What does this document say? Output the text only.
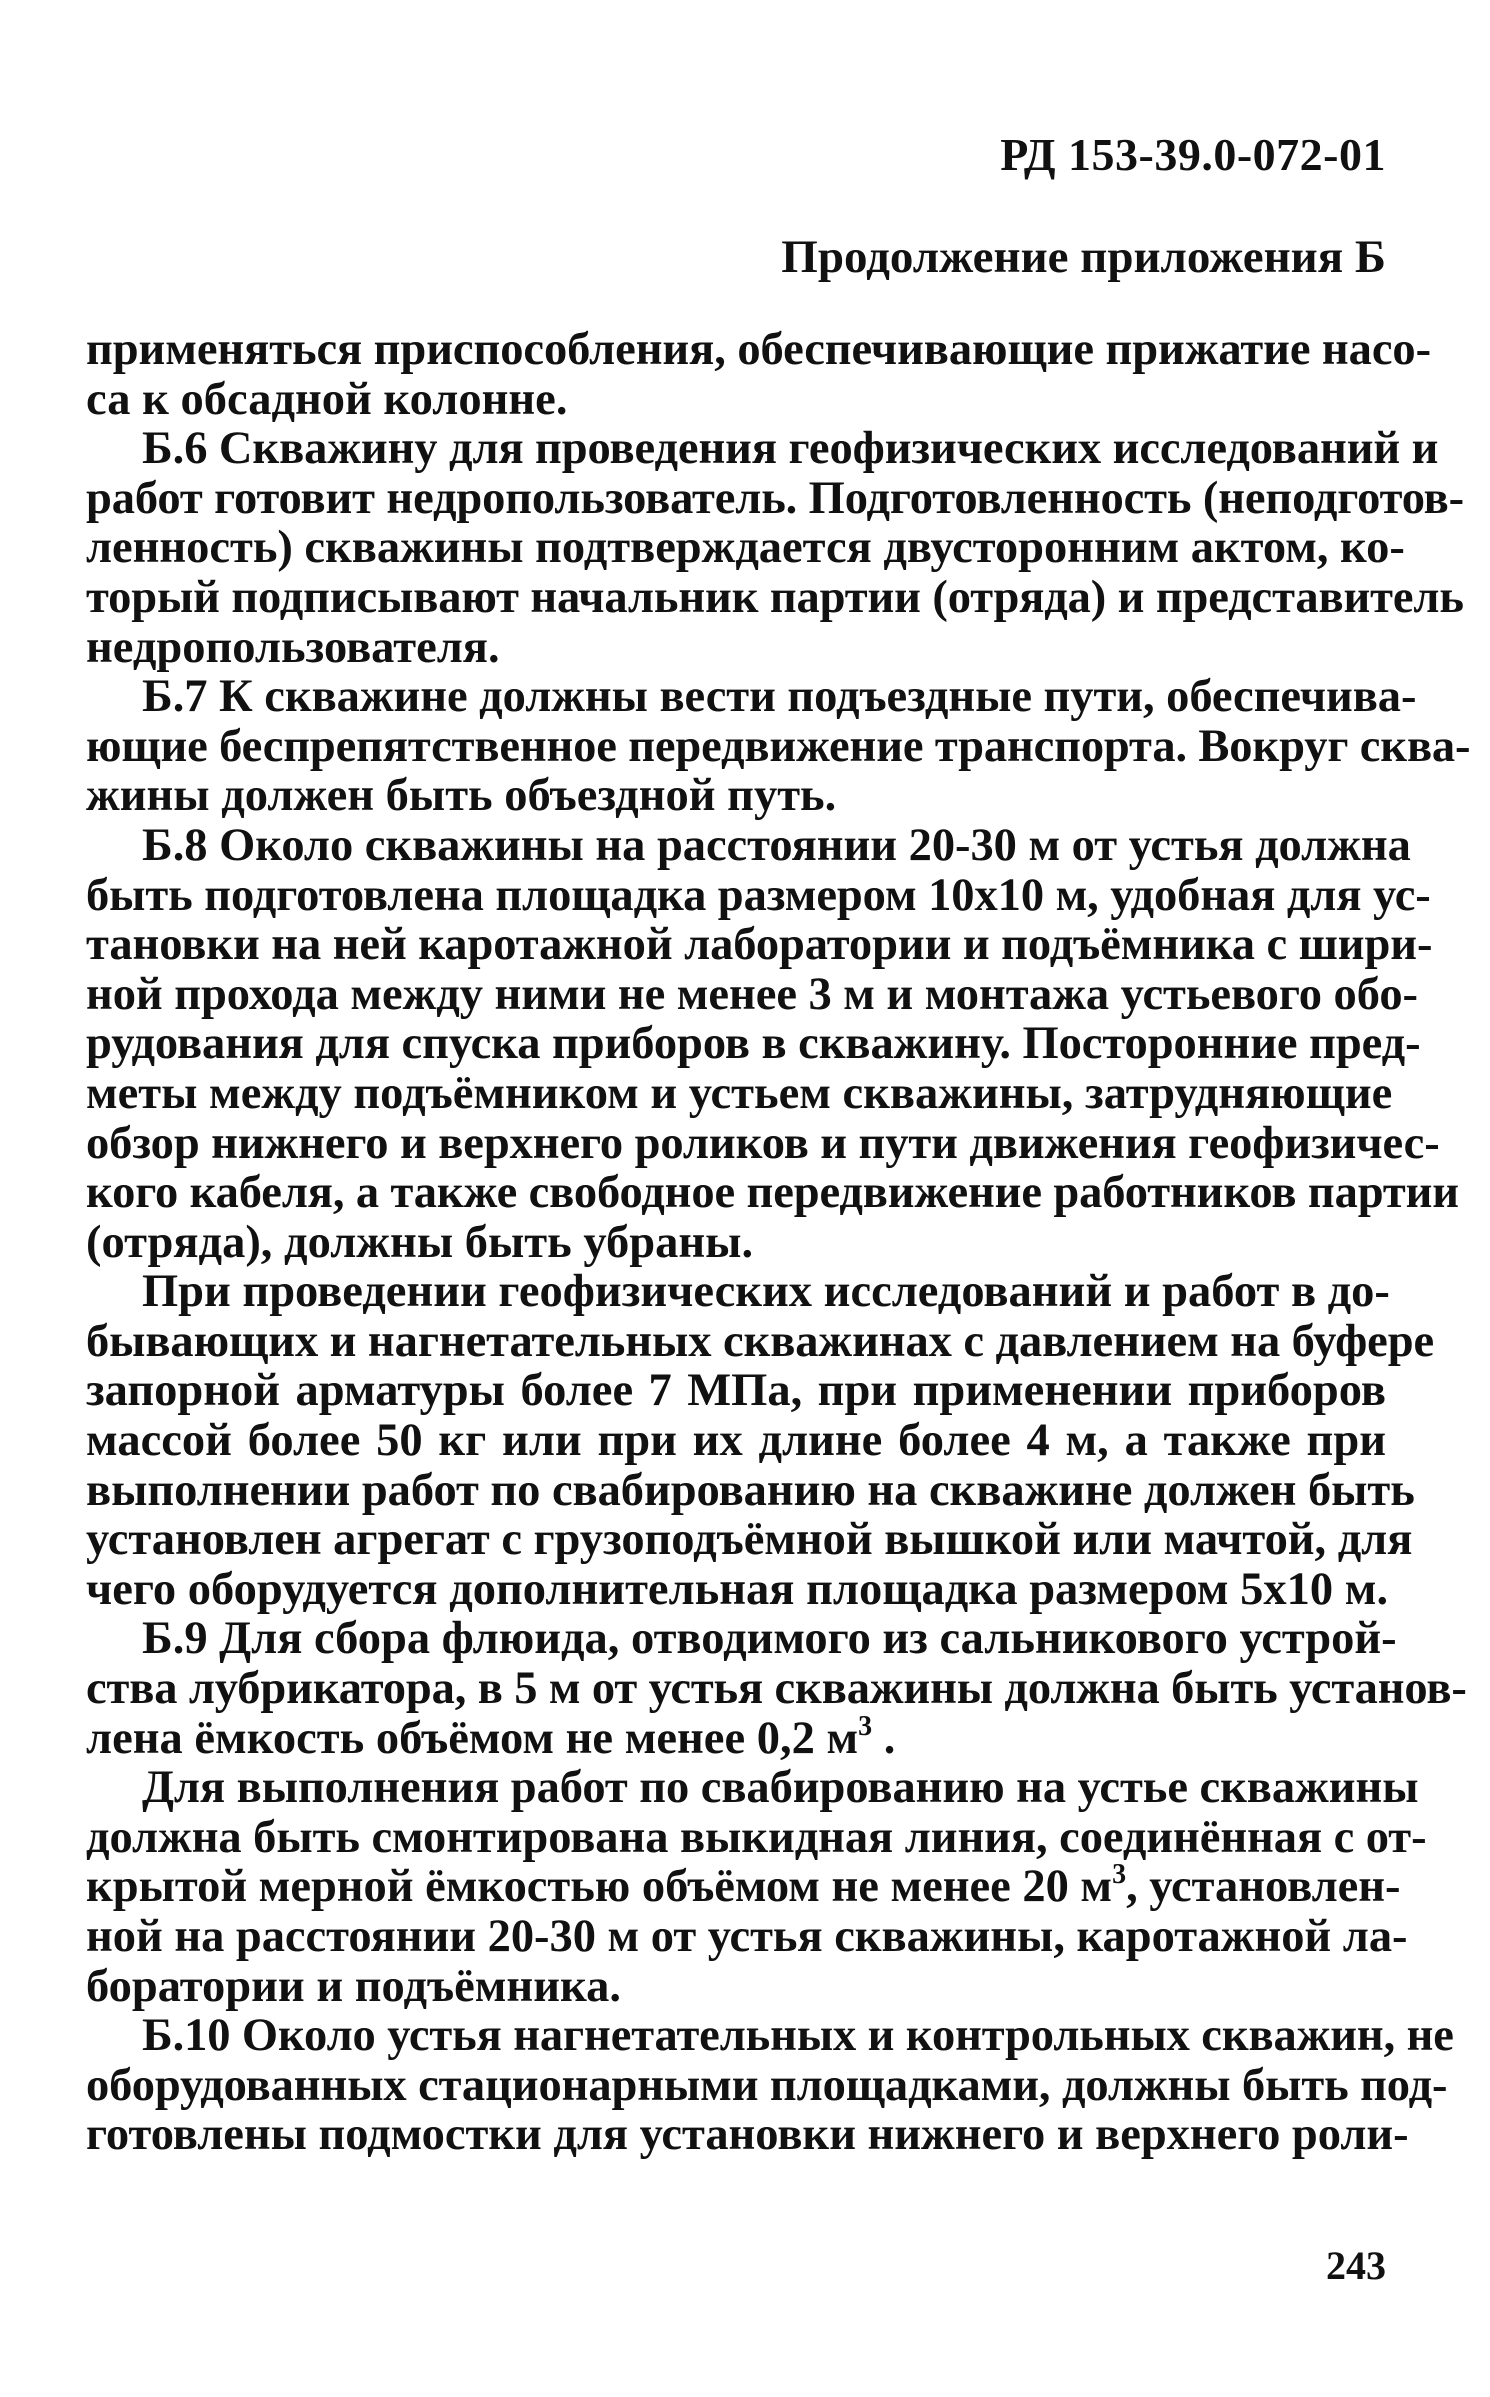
РД 153-39.0-072-01
Продолжение приложения Б
применяться приспособления, обеспечивающие прижатие насо-
са к обсадной колонне.
Б.6 Скважину для проведения геофизических исследований и
работ готовит недропользователь. Подготовленность (неподготов-
ленность) скважины подтверждается двусторонним актом, ко-
торый подписывают начальник партии (отряда) и представитель
недропользователя.
Б.7 К скважине должны вести подъездные пути, обеспечива-
ющие беспрепятственное передвижение транспорта. Вокруг сква-
жины должен быть объездной путь.
Б.8 Около скважины на расстоянии 20-30 м от устья должна
быть подготовлена площадка размером 10х10 м, удобная для ус-
тановки на ней каротажной лаборатории и подъёмника с шири-
ной прохода между ними не менее 3 м и монтажа устьевого обо-
рудования для спуска приборов в скважину. Посторонние пред-
меты между подъёмником и устьем скважины, затрудняющие
обзор нижнего и верхнего роликов и пути движения геофизичес-
кого кабеля, а также свободное передвижение работников партии
(отряда), должны быть убраны.
При проведении геофизических исследований и работ в до-
бывающих и нагнетательных скважинах с давлением на буфере
запорной арматуры более 7 МПа, при применении приборов
массой более 50 кг или при их длине более 4 м, а также при
выполнении работ по свабированию на скважине должен быть
установлен агрегат с грузоподъёмной вышкой или мачтой, для
чего оборудуется дополнительная площадка размером 5х10 м.
Б.9 Для сбора флюида, отводимого из сальникового устрой-
ства лубрикатора, в 5 м от устья скважины должна быть установ-
лена ёмкость объёмом не менее 0,2 $м^3$ .
Для выполнения работ по свабированию на устье скважины
должна быть смонтирована выкидная линия, соединённая с от-
крытой мерной ёмкостью объёмом не менее 20 $м^3$, установлен-
ной на расстоянии 20-30 м от устья скважины, каротажной ла-
боратории и подъёмника.
Б.10 Около устья нагнетательных и контрольных скважин, не
оборудованных стационарными площадками, должны быть под-
готовлены подмостки для установки нижнего и верхнего роли-
243
